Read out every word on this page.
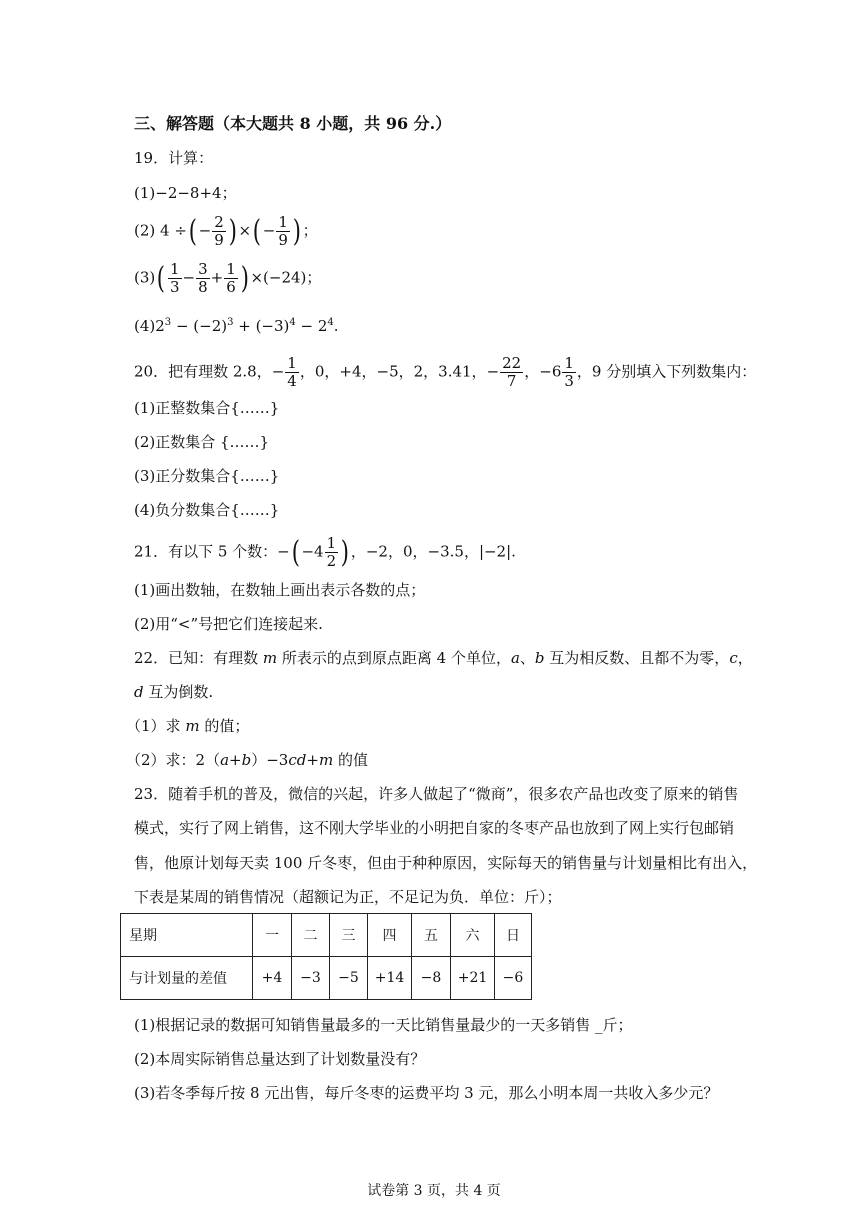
三、解答题（本大题共 8 小题，共 96 分.）
19．计算：
(1)−2−8+4；
(2) 4 ÷( − $\frac{2}{9}$ ) ×( − $\frac{1}{9}$ ) ；
$(3)( \frac{1}{3} - \frac{3}{8} + \frac{1}{6}$ ) ×(−24)；
$(4)2^3 - (-2)^3 + (-3)^4 - 2^4$.
20．把有理数 2.8，− $\frac{1}{4}$ ，0，+4，−5，2，3.41，− $\frac{22}{7}$ ，$-6 \frac{1}{3}$ ，9 分别填入下列数集内：
(1)正整数集合{……}
(2)正数集合 {……}
(3)正分数集合{……}
(4)负分数集合{……}
21．有以下 5 个数：−( $-4 \frac{1}{2}$ ) ，−2，0，−3.5，|−2|.
(1)画出数轴，在数轴上画出表示各数的点；
(2)用“<”号把它们连接起来.
22．已知：有理数 m 所表示的点到原点距离 4 个单位，a、b 互为相反数、且都不为零，c，
d 互为倒数.
（1）求 m 的值；
（2）求：2（a+b）−3cd+m 的值
23．随着手机的普及，微信的兴起，许多人做起了“微商”，很多农产品也改变了原来的销售
模式，实行了网上销售，这不刚大学毕业的小明把自家的冬枣产品也放到了网上实行包邮销
售，他原计划每天卖 100 斤冬枣，但由于种种原因，实际每天的销售量与计划量相比有出入，
下表是某周的销售情况（超额记为正，不足记为负．单位：斤）；
星期	一	二	三	四	五	六	日
与计划量的差值	+4	−3	−5	+14	−8	+21	−6
(1)根据记录的数据可知销售量最多的一天比销售量最少的一天多销售 _斤；
(2)本周实际销售总量达到了计划数量没有？
(3)若冬季每斤按 8 元出售，每斤冬枣的运费平均 3 元，那么小明本周一共收入多少元？
试卷第 3 页，共 4 页
